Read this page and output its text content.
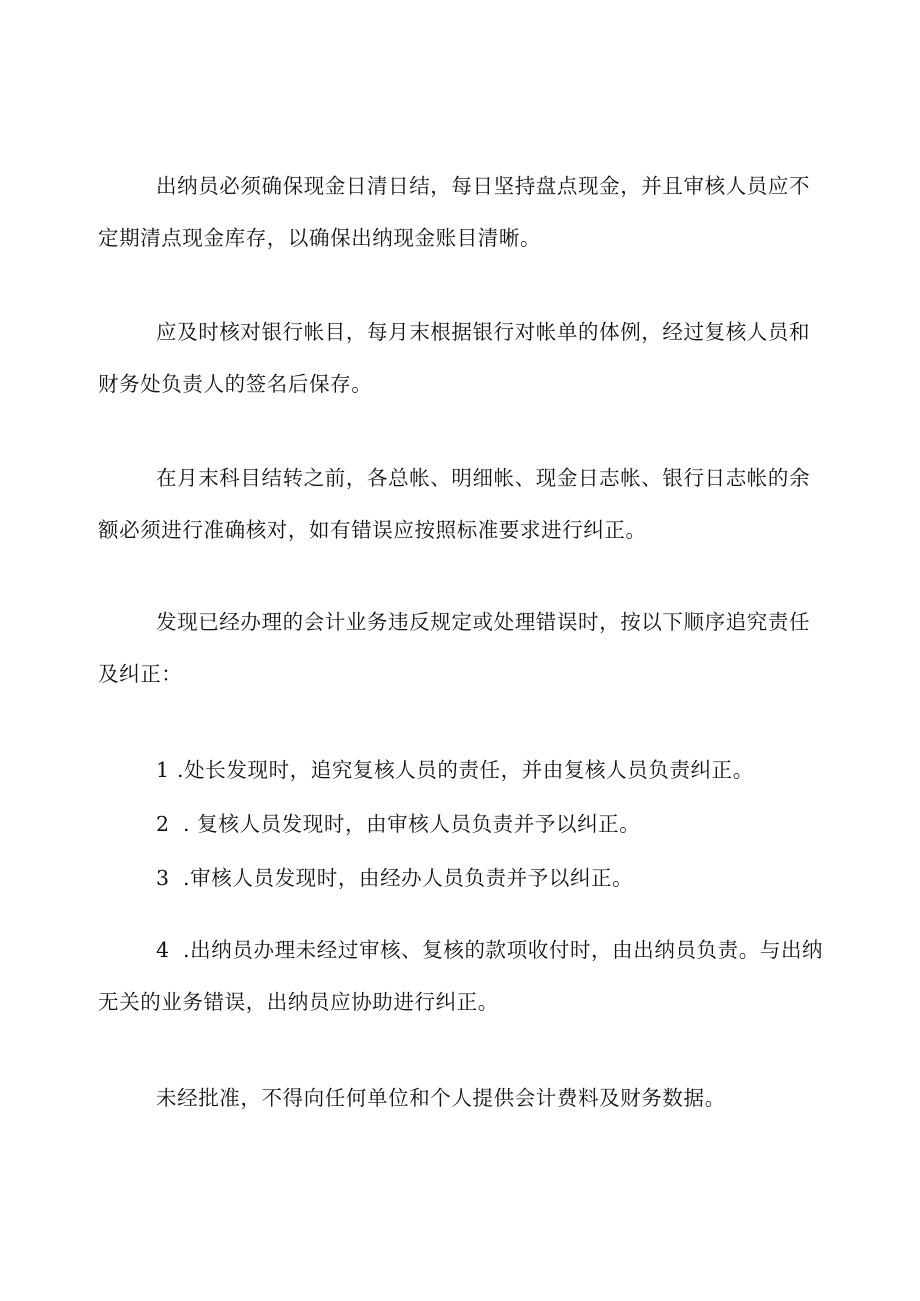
出纳员必须确保现金日清日结，每日坚持盘点现金，并且审核人员应不定期清点现金库存，以确保出纳现金账目清晰。

应及时核对银行帐目，每月末根据银行对帐单的体例，经过复核人员和财务处负责人的签名后保存。

在月末科目结转之前，各总帐、明细帐、现金日志帐、银行日志帐的余额必须进行准确核对，如有错误应按照标准要求进行纠正。

发现已经办理的会计业务违反规定或处理错误时，按以下顺序追究责任及纠正：

1 .处长发现时，追究复核人员的责任，并由复核人员负责纠正。

2 . 复核人员发现时，由审核人员负责并予以纠正。

3 .审核人员发现时，由经办人员负责并予以纠正。

4 .出纳员办理未经过审核、复核的款项收付时，由出纳员负责。与出纳无关的业务错误，出纳员应协助进行纠正。

未经批准，不得向任何单位和个人提供会计费料及财务数据。
